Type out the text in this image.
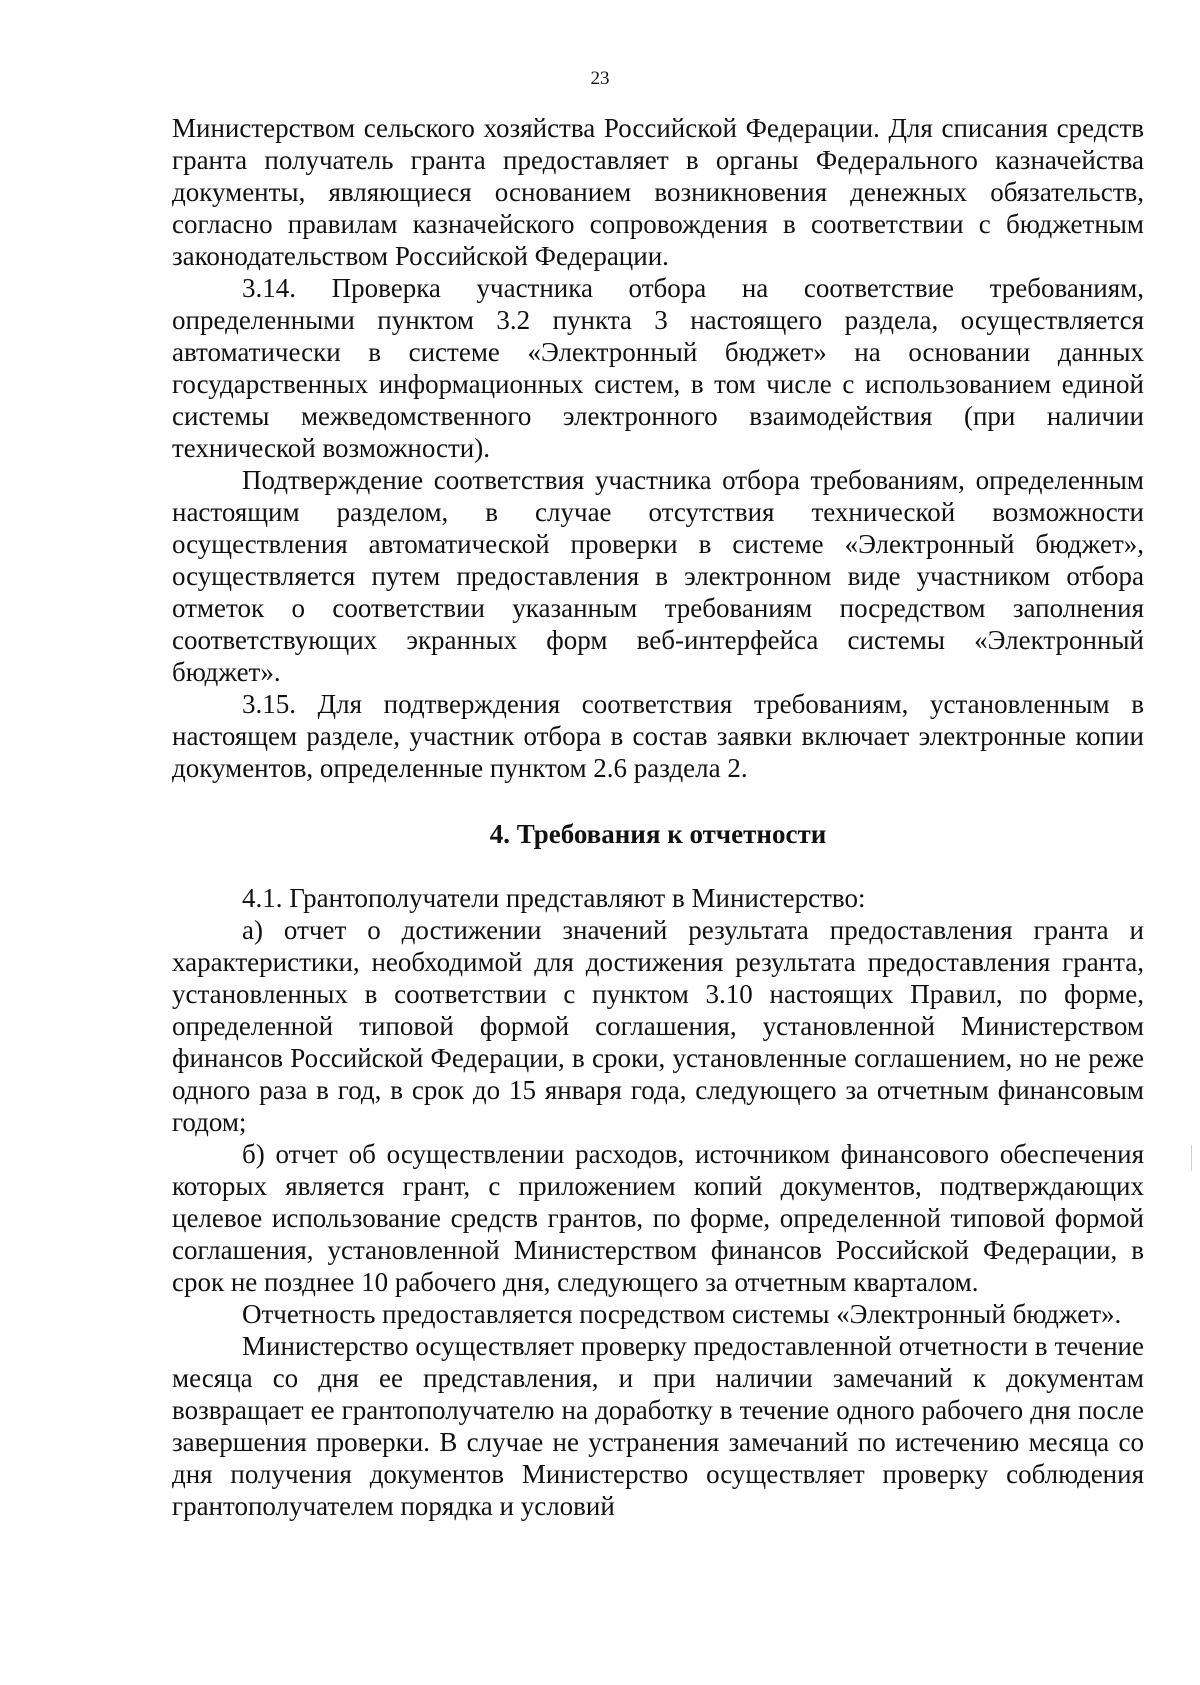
23

Министерством сельского хозяйства Российской Федерации. Для списания средств гранта получатель гранта предоставляет в органы Федерального казначейства документы, являющиеся основанием возникновения денежных обязательств, согласно правилам казначейского сопровождения в соответствии с бюджетным законодательством Российской Федерации.

3.14. Проверка участника отбора на соответствие требованиям, определенными пунктом 3.2 пункта 3 настоящего раздела, осуществляется автоматически в системе «Электронный бюджет» на основании данных государственных информационных систем, в том числе с использованием единой системы межведомственного электронного взаимодействия (при наличии технической возможности).

Подтверждение соответствия участника отбора требованиям, определенным настоящим разделом, в случае отсутствия технической возможности осуществления автоматической проверки в системе «Электронный бюджет», осуществляется путем предоставления в электронном виде участником отбора отметок о соответствии указанным требованиям посредством заполнения соответствующих экранных форм веб-интерфейса системы «Электронный бюджет».

3.15. Для подтверждения соответствия требованиям, установленным в настоящем разделе, участник отбора в состав заявки включает электронные копии документов, определенные пунктом 2.6 раздела 2.

4. Требования к отчетности

4.1. Грантополучатели представляют в Министерство:

а) отчет о достижении значений результата предоставления гранта и характеристики, необходимой для достижения результата предоставления гранта, установленных в соответствии с пунктом 3.10 настоящих Правил, по форме, определенной типовой формой соглашения, установленной Министерством финансов Российской Федерации, в сроки, установленные соглашением, но не реже одного раза в год, в срок до 15 января года, следующего за отчетным финансовым годом;

б) отчет об осуществлении расходов, источником финансового обеспечения которых является грант, с приложением копий документов, подтверждающих целевое использование средств грантов, по форме, определенной типовой формой соглашения, установленной Министерством финансов Российской Федерации, в срок не позднее 10 рабочего дня, следующего за отчетным кварталом.

Отчетность предоставляется посредством системы «Электронный бюджет».

Министерство осуществляет проверку предоставленной отчетности в течение месяца со дня ее представления, и при наличии замечаний к документам возвращает ее грантополучателю на доработку в течение одного рабочего дня после завершения проверки. В случае не устранения замечаний по истечению месяца со дня получения документов Министерство осуществляет проверку соблюдения грантополучателем порядка и условий
